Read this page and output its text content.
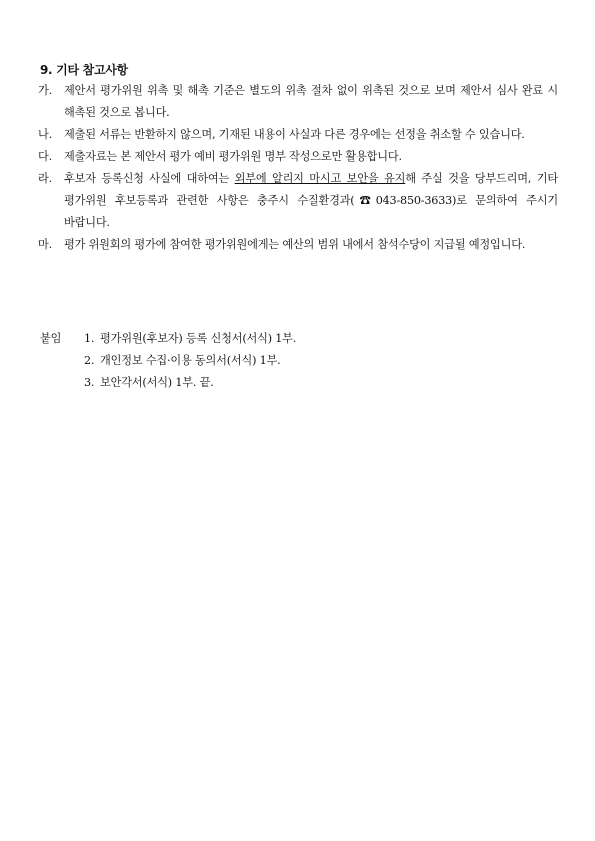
9. 기타 참고사항
가.	제안서 평가위원 위촉 및 해촉 기준은 별도의 위촉 절차 없이 위촉된 것으로 보며 제안서 심사 완료 시 해촉된 것으로 봅니다.
나.	제출된 서류는 반환하지 않으며, 기재된 내용이 사실과 다른 경우에는 선정을 취소할 수 있습니다.
다.	제출자료는 본 제안서 평가 예비 평가위원 명부 작성으로만 활용합니다.
라.	후보자 등록신청 사실에 대하여는 외부에 알리지 마시고 보안을 유지해 주실 것을 당부드리며, 기타 평가위원 후보등록과 관련한 사항은 충주시 수질환경과(☎043-850-3633)로 문의하여 주시기 바랍니다.
마.	평가 위원회의 평가에 참여한 평가위원에게는 예산의 범위 내에서 참석수당이 지급될 예정입니다.
붙임	1. 평가위원(후보자) 등록 신청서(서식) 1부.
2. 개인정보 수집·이용 동의서(서식) 1부.
3. 보안각서(서식) 1부. 끝.
